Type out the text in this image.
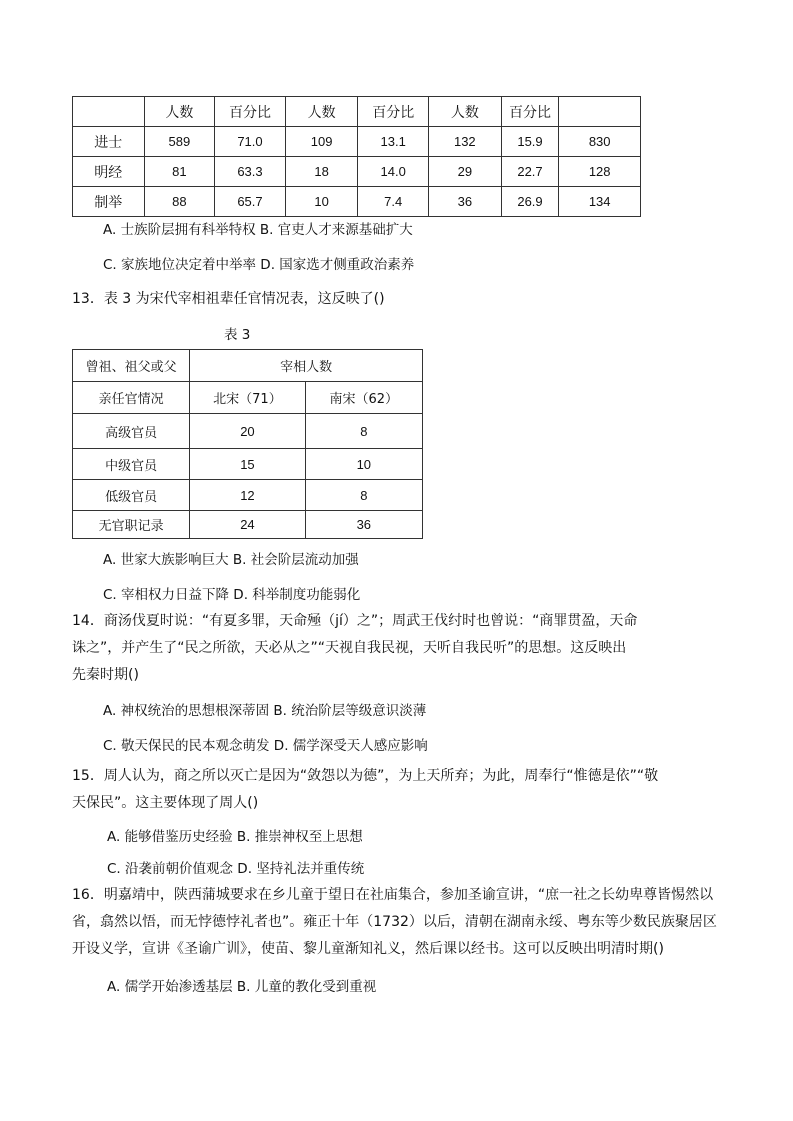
	人数	百分比	人数	百分比	人数	百分比	
进士	589	71.0	109	13.1	132	15.9	830
明经	81	63.3	18	14.0	29	22.7	128
制举	88	65.7	10	7.4	36	26.9	134
A. 士族阶层拥有科举特权 B. 官吏人才来源基础扩大
C. 家族地位决定着中举率 D. 国家选才侧重政治素养
13．表 3 为宋代宰相祖辈任官情况表，这反映了()
表 3
曾祖、祖父或父	宰相人数	
亲任官情况	北宋（71）	南宋（62）
高级官员	20	8
中级官员	15	10
低级官员	12	8
无官职记录	24	36
A. 世家大族影响巨大 B. 社会阶层流动加强
C. 宰相权力日益下降 D. 科举制度功能弱化
14．商汤伐夏时说：“有夏多罪，天命殛（jí）之”；周武王伐纣时也曾说：“商罪贯盈，天命
诛之”，并产生了“民之所欲，天必从之”“天视自我民视，天听自我民听”的思想。这反映出
先秦时期()
A. 神权统治的思想根深蒂固 B. 统治阶层等级意识淡薄
C. 敬天保民的民本观念萌发 D. 儒学深受天人感应影响
15．周人认为，商之所以灭亡是因为“敛怨以为德”，为上天所弃；为此，周奉行“惟德是依”“敬
天保民”。这主要体现了周人()
A. 能够借鉴历史经验 B. 推崇神权至上思想
C. 沿袭前朝价值观念 D. 坚持礼法并重传统
16．明嘉靖中，陕西蒲城要求在乡儿童于望日在社庙集合，参加圣谕宣讲，“庶一社之长幼卑尊皆惕然以
省，翕然以悟，而无悖德悖礼者也”。雍正十年（1732）以后，清朝在湖南永绥、粤东等少数民族聚居区
开设义学，宣讲《圣谕广训》，使苗、黎儿童渐知礼义，然后课以经书。这可以反映出明清时期()
A. 儒学开始渗透基层 B. 儿童的教化受到重视
